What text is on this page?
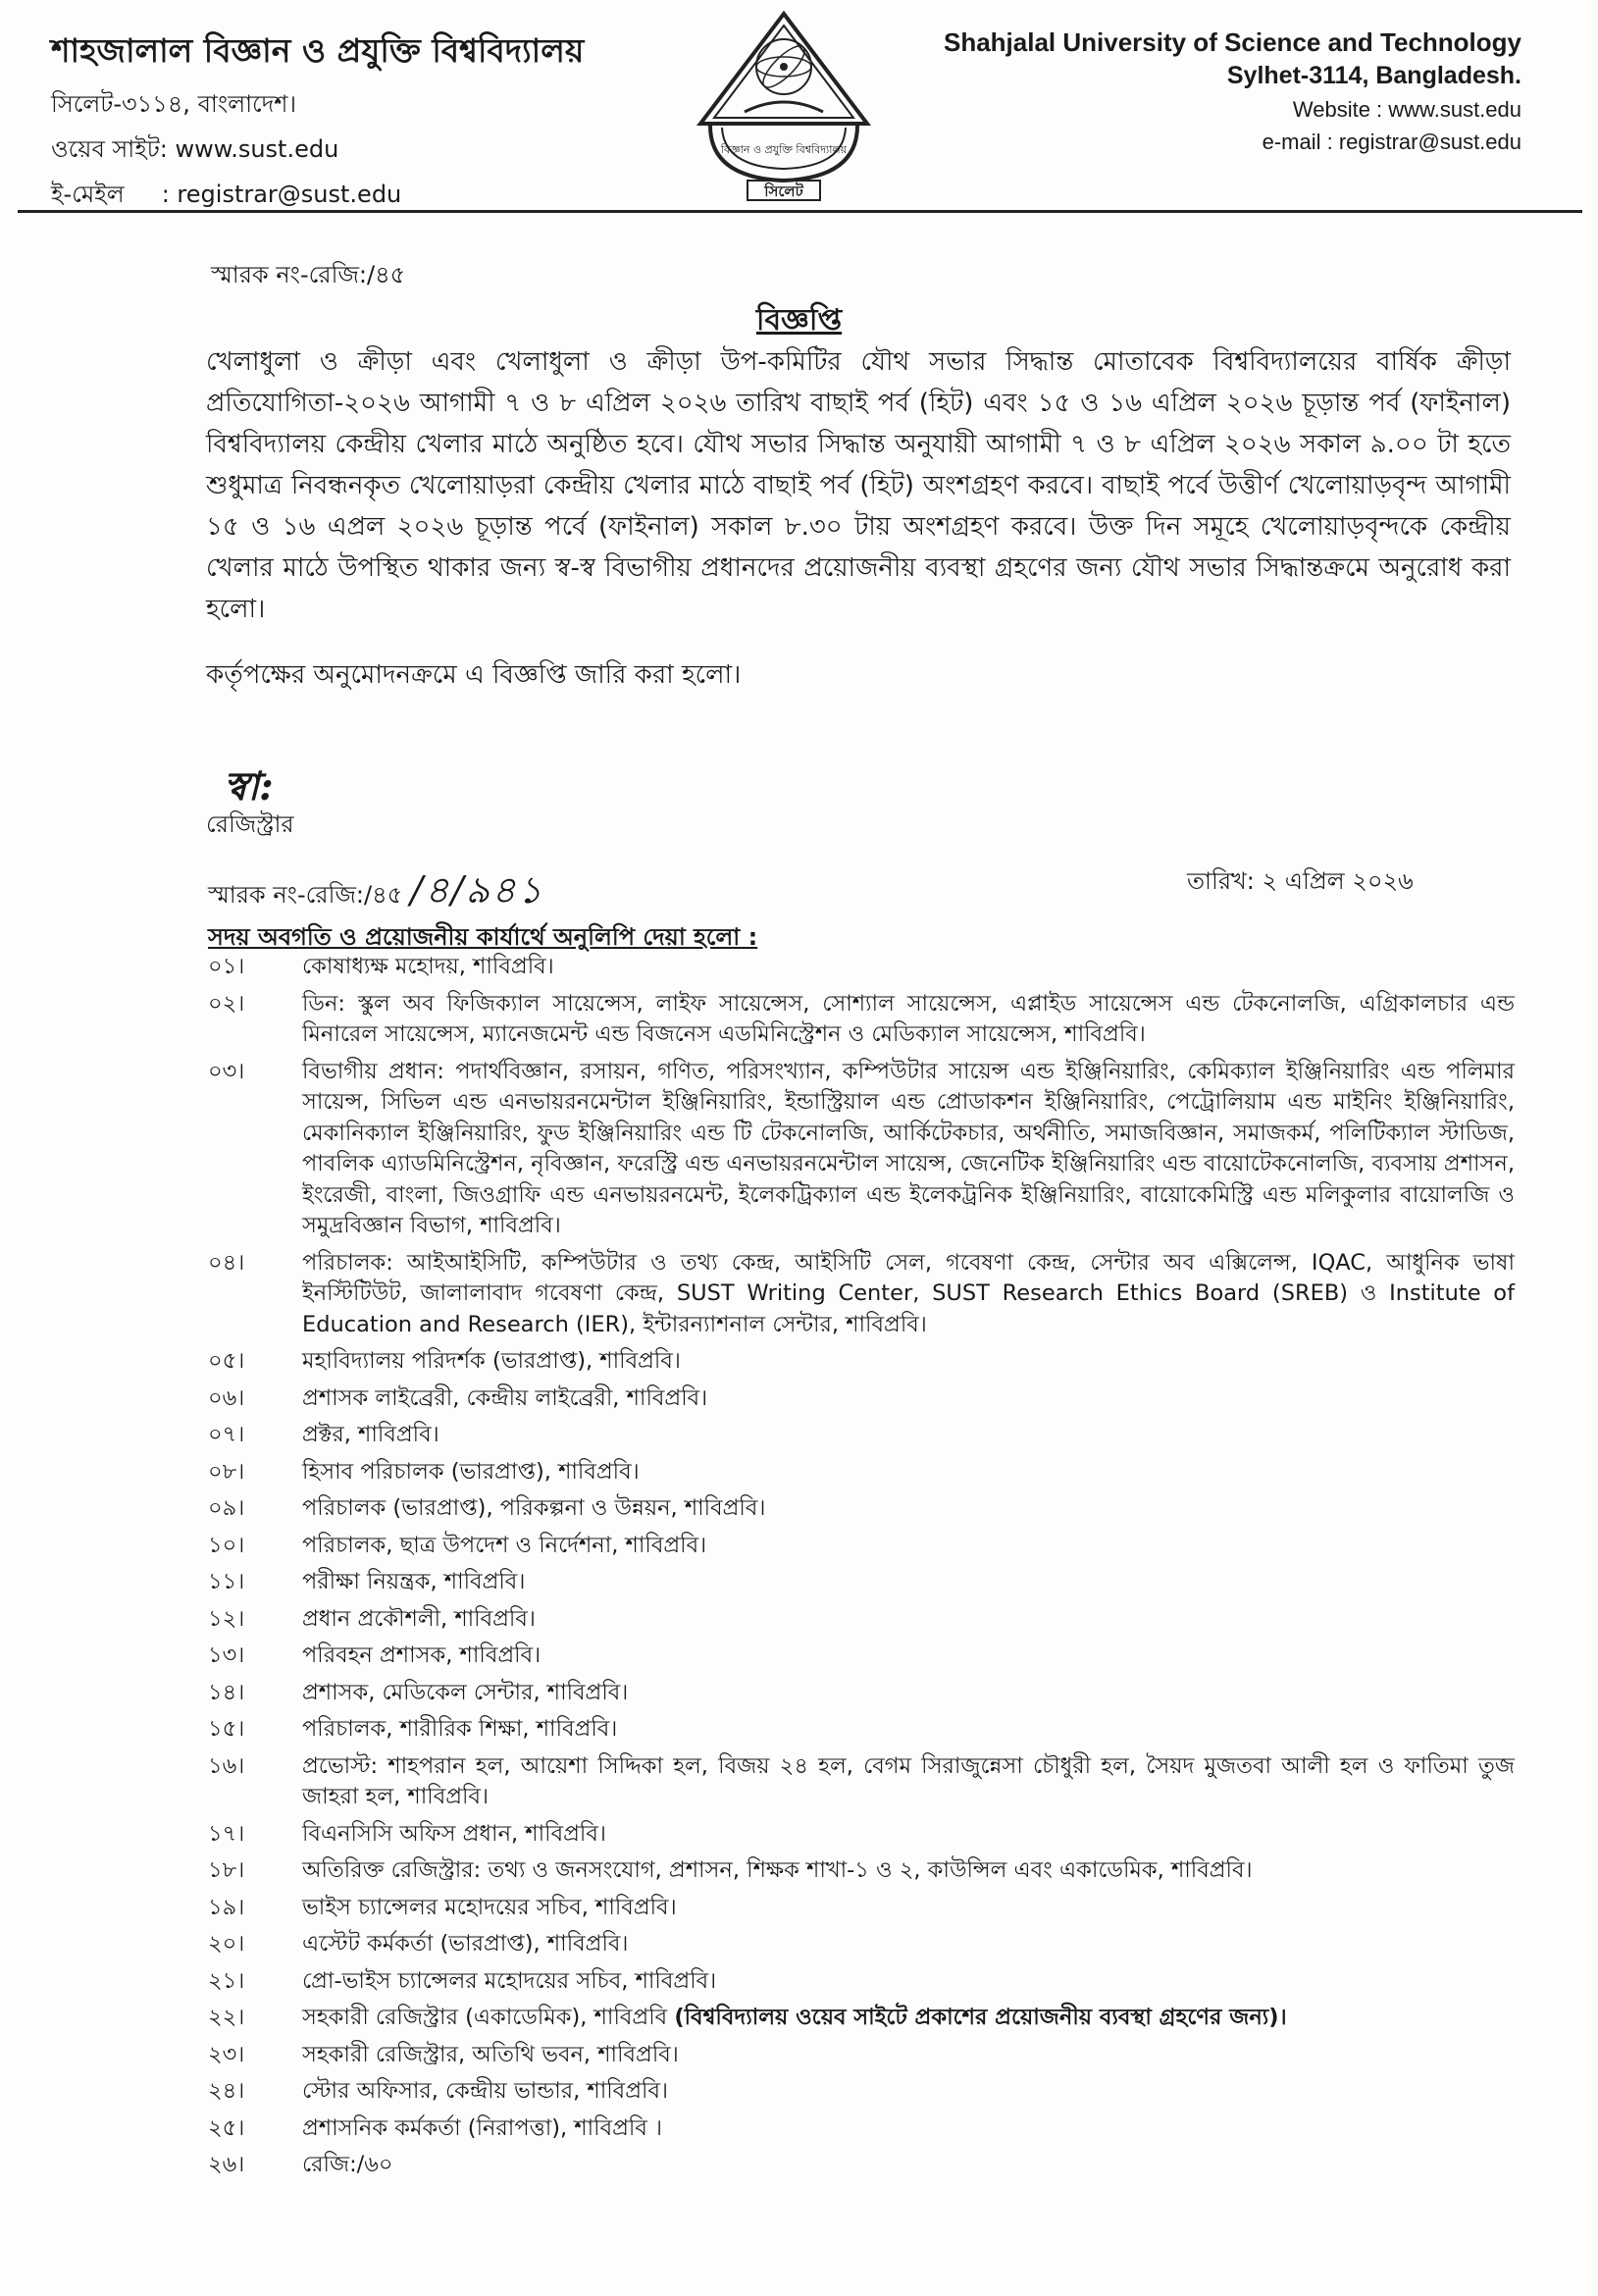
শাহজালাল বিজ্ঞান ও প্রযুক্তি বিশ্ববিদ্যালয়
সিলেট-৩১১৪, বাংলাদেশ।
ওয়েব সাইট: www.sust.edu
ই-মেইল     : registrar@sust.edu
বিজ্ঞান ও প্রযুক্তি বিশ্ববিদ্যালয়
সিলেট
Shahjalal University of Science and Technology
Sylhet-3114, Bangladesh.
Website : www.sust.edu
e-mail : registrar@sust.edu
স্মারক নং-রেজি:/৪৫
বিজ্ঞপ্তি

খেলাধুলা ও ক্রীড়া এবং খেলাধুলা ও ক্রীড়া উপ-কমিটির যৌথ সভার সিদ্ধান্ত মোতাবেক বিশ্ববিদ্যালয়ের বার্ষিক ক্রীড়া প্রতিযোগিতা-২০২৬ আগামী ৭ ও ৮ এপ্রিল ২০২৬ তারিখ বাছাই পর্ব (হিট) এবং ১৫ ও ১৬ এপ্রিল ২০২৬ চূড়ান্ত পর্ব (ফাইনাল) বিশ্ববিদ্যালয় কেন্দ্রীয় খেলার মাঠে অনুষ্ঠিত হবে। যৌথ সভার সিদ্ধান্ত অনুযায়ী আগামী ৭ ও ৮ এপ্রিল ২০২৬ সকাল ৯.০০ টা হতে শুধুমাত্র নিবন্ধনকৃত খেলোয়াড়রা কেন্দ্রীয় খেলার মাঠে বাছাই পর্ব (হিট) অংশগ্রহণ করবে। বাছাই পর্বে উত্তীর্ণ খেলোয়াড়বৃন্দ আগামী ১৫ ও ১৬ এপ্রল ২০২৬ চূড়ান্ত পর্বে (ফাইনাল) সকাল ৮.৩০ টায় অংশগ্রহণ করবে। উক্ত দিন সমূহে খেলোয়াড়বৃন্দকে কেন্দ্রীয় খেলার মাঠে উপস্থিত থাকার জন্য স্ব-স্ব বিভাগীয় প্রধানদের প্রয়োজনীয় ব্যবস্থা গ্রহণের জন্য যৌথ সভার সিদ্ধান্তক্রমে অনুরোধ করা হলো।

কর্তৃপক্ষের অনুমোদনক্রমে এ বিজ্ঞপ্তি জারি করা হলো।

স্বা:
রেজিস্ট্রার
স্মারক নং-রেজি:/৪৫ /৪/৯৪১	তারিখ: ২ এপ্রিল ২০২৬
সদয় অবগতি ও প্রয়োজনীয় কার্যার্থে অনুলিপি দেয়া হলো :
০১।	কোষাধ্যক্ষ মহোদয়, শাবিপ্রবি।
০২।	ডিন: স্কুল অব ফিজিক্যাল সায়েন্সেস, লাইফ সায়েন্সেস, সোশ্যাল সায়েন্সেস, এপ্লাইড সায়েন্সেস এন্ড টেকনোলজি, এগ্রিকালচার এন্ড মিনারেল সায়েন্সেস, ম্যানেজমেন্ট এন্ড বিজনেস এডমিনিস্ট্রেশন ও মেডিক্যাল সায়েন্সেস, শাবিপ্রবি।
০৩।	বিভাগীয় প্রধান: পদার্থবিজ্ঞান, রসায়ন, গণিত, পরিসংখ্যান, কম্পিউটার সায়েন্স এন্ড ইঞ্জিনিয়ারিং, কেমিক্যাল ইঞ্জিনিয়ারিং এন্ড পলিমার সায়েন্স, সিভিল এন্ড এনভায়রনমেন্টাল ইঞ্জিনিয়ারিং, ইন্ডাস্ট্রিয়াল এন্ড প্রোডাকশন ইঞ্জিনিয়ারিং, পেট্রোলিয়াম এন্ড মাইনিং ইঞ্জিনিয়ারিং, মেকানিক্যাল ইঞ্জিনিয়ারিং, ফুড ইঞ্জিনিয়ারিং এন্ড টি টেকনোলজি, আর্কিটেকচার, অর্থনীতি, সমাজবিজ্ঞান, সমাজকর্ম, পলিটিক্যাল স্টাডিজ, পাবলিক এ্যাডমিনিস্ট্রেশন, নৃবিজ্ঞান, ফরেস্ট্রি এন্ড এনভায়রনমেন্টাল সায়েন্স, জেনেটিক ইঞ্জিনিয়ারিং এন্ড বায়োটেকনোলজি, ব্যবসায় প্রশাসন, ইংরেজী, বাংলা, জিওগ্রাফি এন্ড এনভায়রনমেন্ট, ইলেকট্রিক্যাল এন্ড ইলেকট্রনিক ইঞ্জিনিয়ারিং, বায়োকেমিস্ট্রি এন্ড মলিকুলার বায়োলজি ও সমুদ্রবিজ্ঞান বিভাগ, শাবিপ্রবি।
০৪।	পরিচালক: আইআইসিটি, কম্পিউটার ও তথ্য কেন্দ্র, আইসিটি সেল, গবেষণা কেন্দ্র, সেন্টার অব এক্সিলেন্স, IQAC, আধুনিক ভাষা ইনস্টিটিউট, জালালাবাদ গবেষণা কেন্দ্র, SUST Writing Center, SUST Research Ethics Board (SREB) ও Institute of Education and Research (IER), ইন্টারন্যাশনাল সেন্টার, শাবিপ্রবি।
০৫।	মহাবিদ্যালয় পরিদর্শক (ভারপ্রাপ্ত), শাবিপ্রবি।
০৬।	প্রশাসক লাইব্রেরী, কেন্দ্রীয় লাইব্রেরী, শাবিপ্রবি।
০৭।	প্রক্টর, শাবিপ্রবি।
০৮।	হিসাব পরিচালক (ভারপ্রাপ্ত), শাবিপ্রবি।
০৯।	পরিচালক (ভারপ্রাপ্ত), পরিকল্পনা ও উন্নয়ন, শাবিপ্রবি।
১০।	পরিচালক, ছাত্র উপদেশ ও নির্দেশনা, শাবিপ্রবি।
১১।	পরীক্ষা নিয়ন্ত্রক, শাবিপ্রবি।
১২।	প্রধান প্রকৌশলী, শাবিপ্রবি।
১৩।	পরিবহন প্রশাসক, শাবিপ্রবি।
১৪।	প্রশাসক, মেডিকেল সেন্টার, শাবিপ্রবি।
১৫।	পরিচালক, শারীরিক শিক্ষা, শাবিপ্রবি।
১৬।	প্রভোস্ট: শাহপরান হল, আয়েশা সিদ্দিকা হল, বিজয় ২৪ হল, বেগম সিরাজুন্নেসা চৌধুরী হল, সৈয়দ মুজতবা আলী হল ও ফাতিমা তুজ জাহরা হল, শাবিপ্রবি।
১৭।	বিএনসিসি অফিস প্রধান, শাবিপ্রবি।
১৮।	অতিরিক্ত রেজিস্ট্রার: তথ্য ও জনসংযোগ, প্রশাসন, শিক্ষক শাখা-১ ও ২, কাউন্সিল এবং একাডেমিক, শাবিপ্রবি।
১৯।	ভাইস চ্যান্সেলর মহোদয়ের সচিব, শাবিপ্রবি।
২০।	এস্টেট কর্মকর্তা (ভারপ্রাপ্ত), শাবিপ্রবি।
২১।	প্রো-ভাইস চ্যান্সেলর মহোদয়ের সচিব, শাবিপ্রবি।
২২।	সহকারী রেজিস্ট্রার (একাডেমিক), শাবিপ্রবি (বিশ্ববিদ্যালয় ওয়েব সাইটে প্রকাশের প্রয়োজনীয় ব্যবস্থা গ্রহণের জন্য)।
২৩।	সহকারী রেজিস্ট্রার, অতিথি ভবন, শাবিপ্রবি।
২৪।	স্টোর অফিসার, কেন্দ্রীয় ভান্ডার, শাবিপ্রবি।
২৫।	প্রশাসনিক কর্মকর্তা (নিরাপত্তা), শাবিপ্রবি ।
২৬।	রেজি:/৬০
